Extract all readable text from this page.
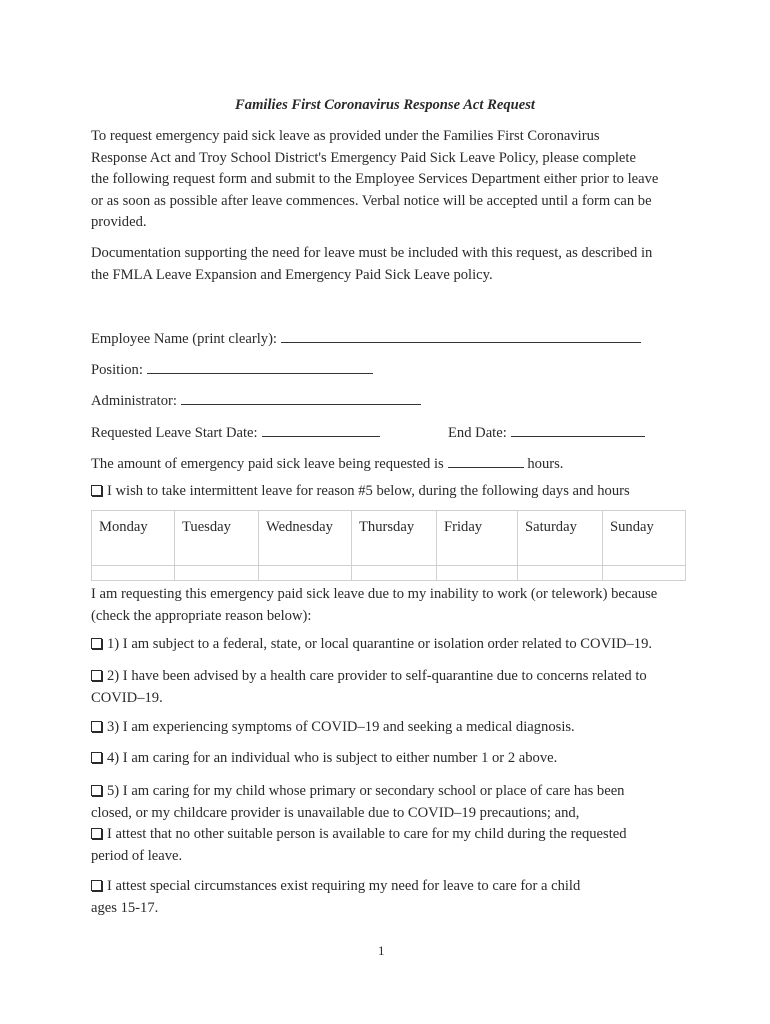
Families First Coronavirus Response Act Request
To request emergency paid sick leave as provided under the Families First Coronavirus
Response Act and Troy School District's Emergency Paid Sick Leave Policy, please complete
the following request form and submit to the Employee Services Department either prior to leave
or as soon as possible after leave commences. Verbal notice will be accepted until a form can be
provided.
Documentation supporting the need for leave must be included with this request, as described in
the FMLA Leave Expansion and Emergency Paid Sick Leave policy.
Employee Name (print clearly):
Position:
Administrator:
Requested Leave Start Date:	End Date:
The amount of emergency paid sick leave being requested is	hours.
I wish to take intermittent leave for reason #5 below, during the following days and hours
Monday	Tuesday	Wednesday	Thursday	Friday	Saturday	Sunday

I am requesting this emergency paid sick leave due to my inability to work (or telework) because
(check the appropriate reason below):
1) I am subject to a federal, state, or local quarantine or isolation order related to COVID–19.
2) I have been advised by a health care provider to self-quarantine due to concerns related to
COVID–19.
3) I am experiencing symptoms of COVID–19 and seeking a medical diagnosis.
4) I am caring for an individual who is subject to either number 1 or 2 above.
5) I am caring for my child whose primary or secondary school or place of care has been
closed, or my childcare provider is unavailable due to COVID–19 precautions; and,
I attest that no other suitable person is available to care for my child during the requested
period of leave.
I attest special circumstances exist requiring my need for leave to care for a child
ages 15-17.
1
